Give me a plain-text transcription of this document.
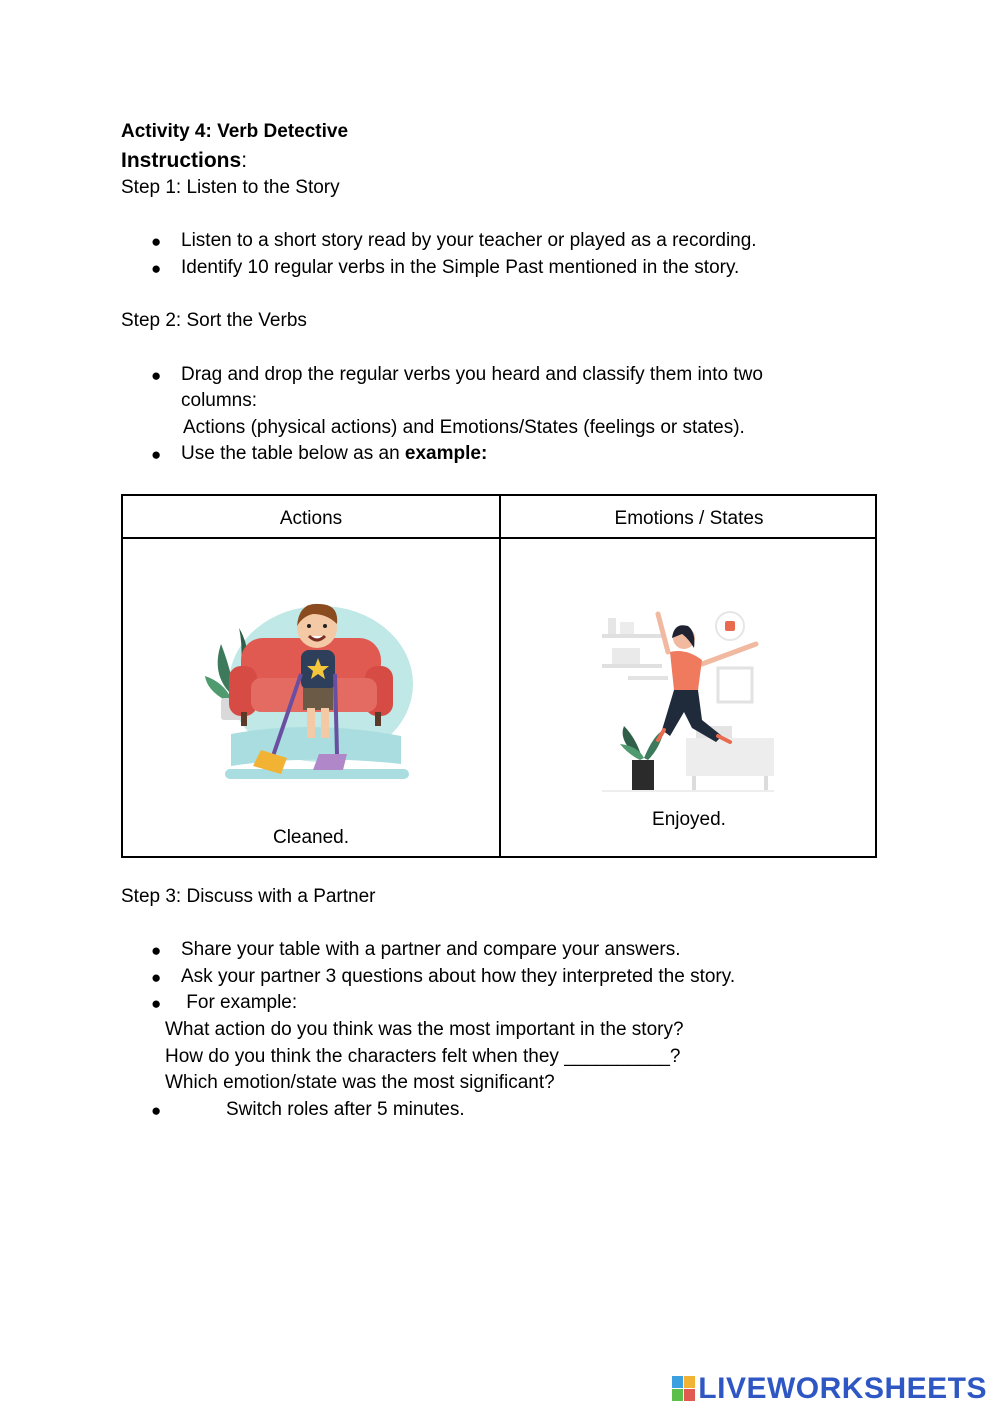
Activity 4: Verb Detective
Instructions:
Step 1: Listen to the Story
● Listen to a short story read by your teacher or played as a recording.
● Identify 10 regular verbs in the Simple Past mentioned in the story.
Step 2: Sort the Verbs
● Drag and drop the regular verbs you heard and classify them into two
columns:
Actions (physical actions) and Emotions/States (feelings or states).
● Use the table below as an example:
Actions	Emotions / States
Cleaned.
Enjoyed.
Step 3: Discuss with a Partner
● Share your table with a partner and compare your answers.
● Ask your partner 3 questions about how they interpreted the story.
● For example:
What action do you think was the most important in the story?
How do you think the characters felt when they __________?
Which emotion/state was the most significant?
●	Switch roles after 5 minutes.
LIVEWORKSHEETS
